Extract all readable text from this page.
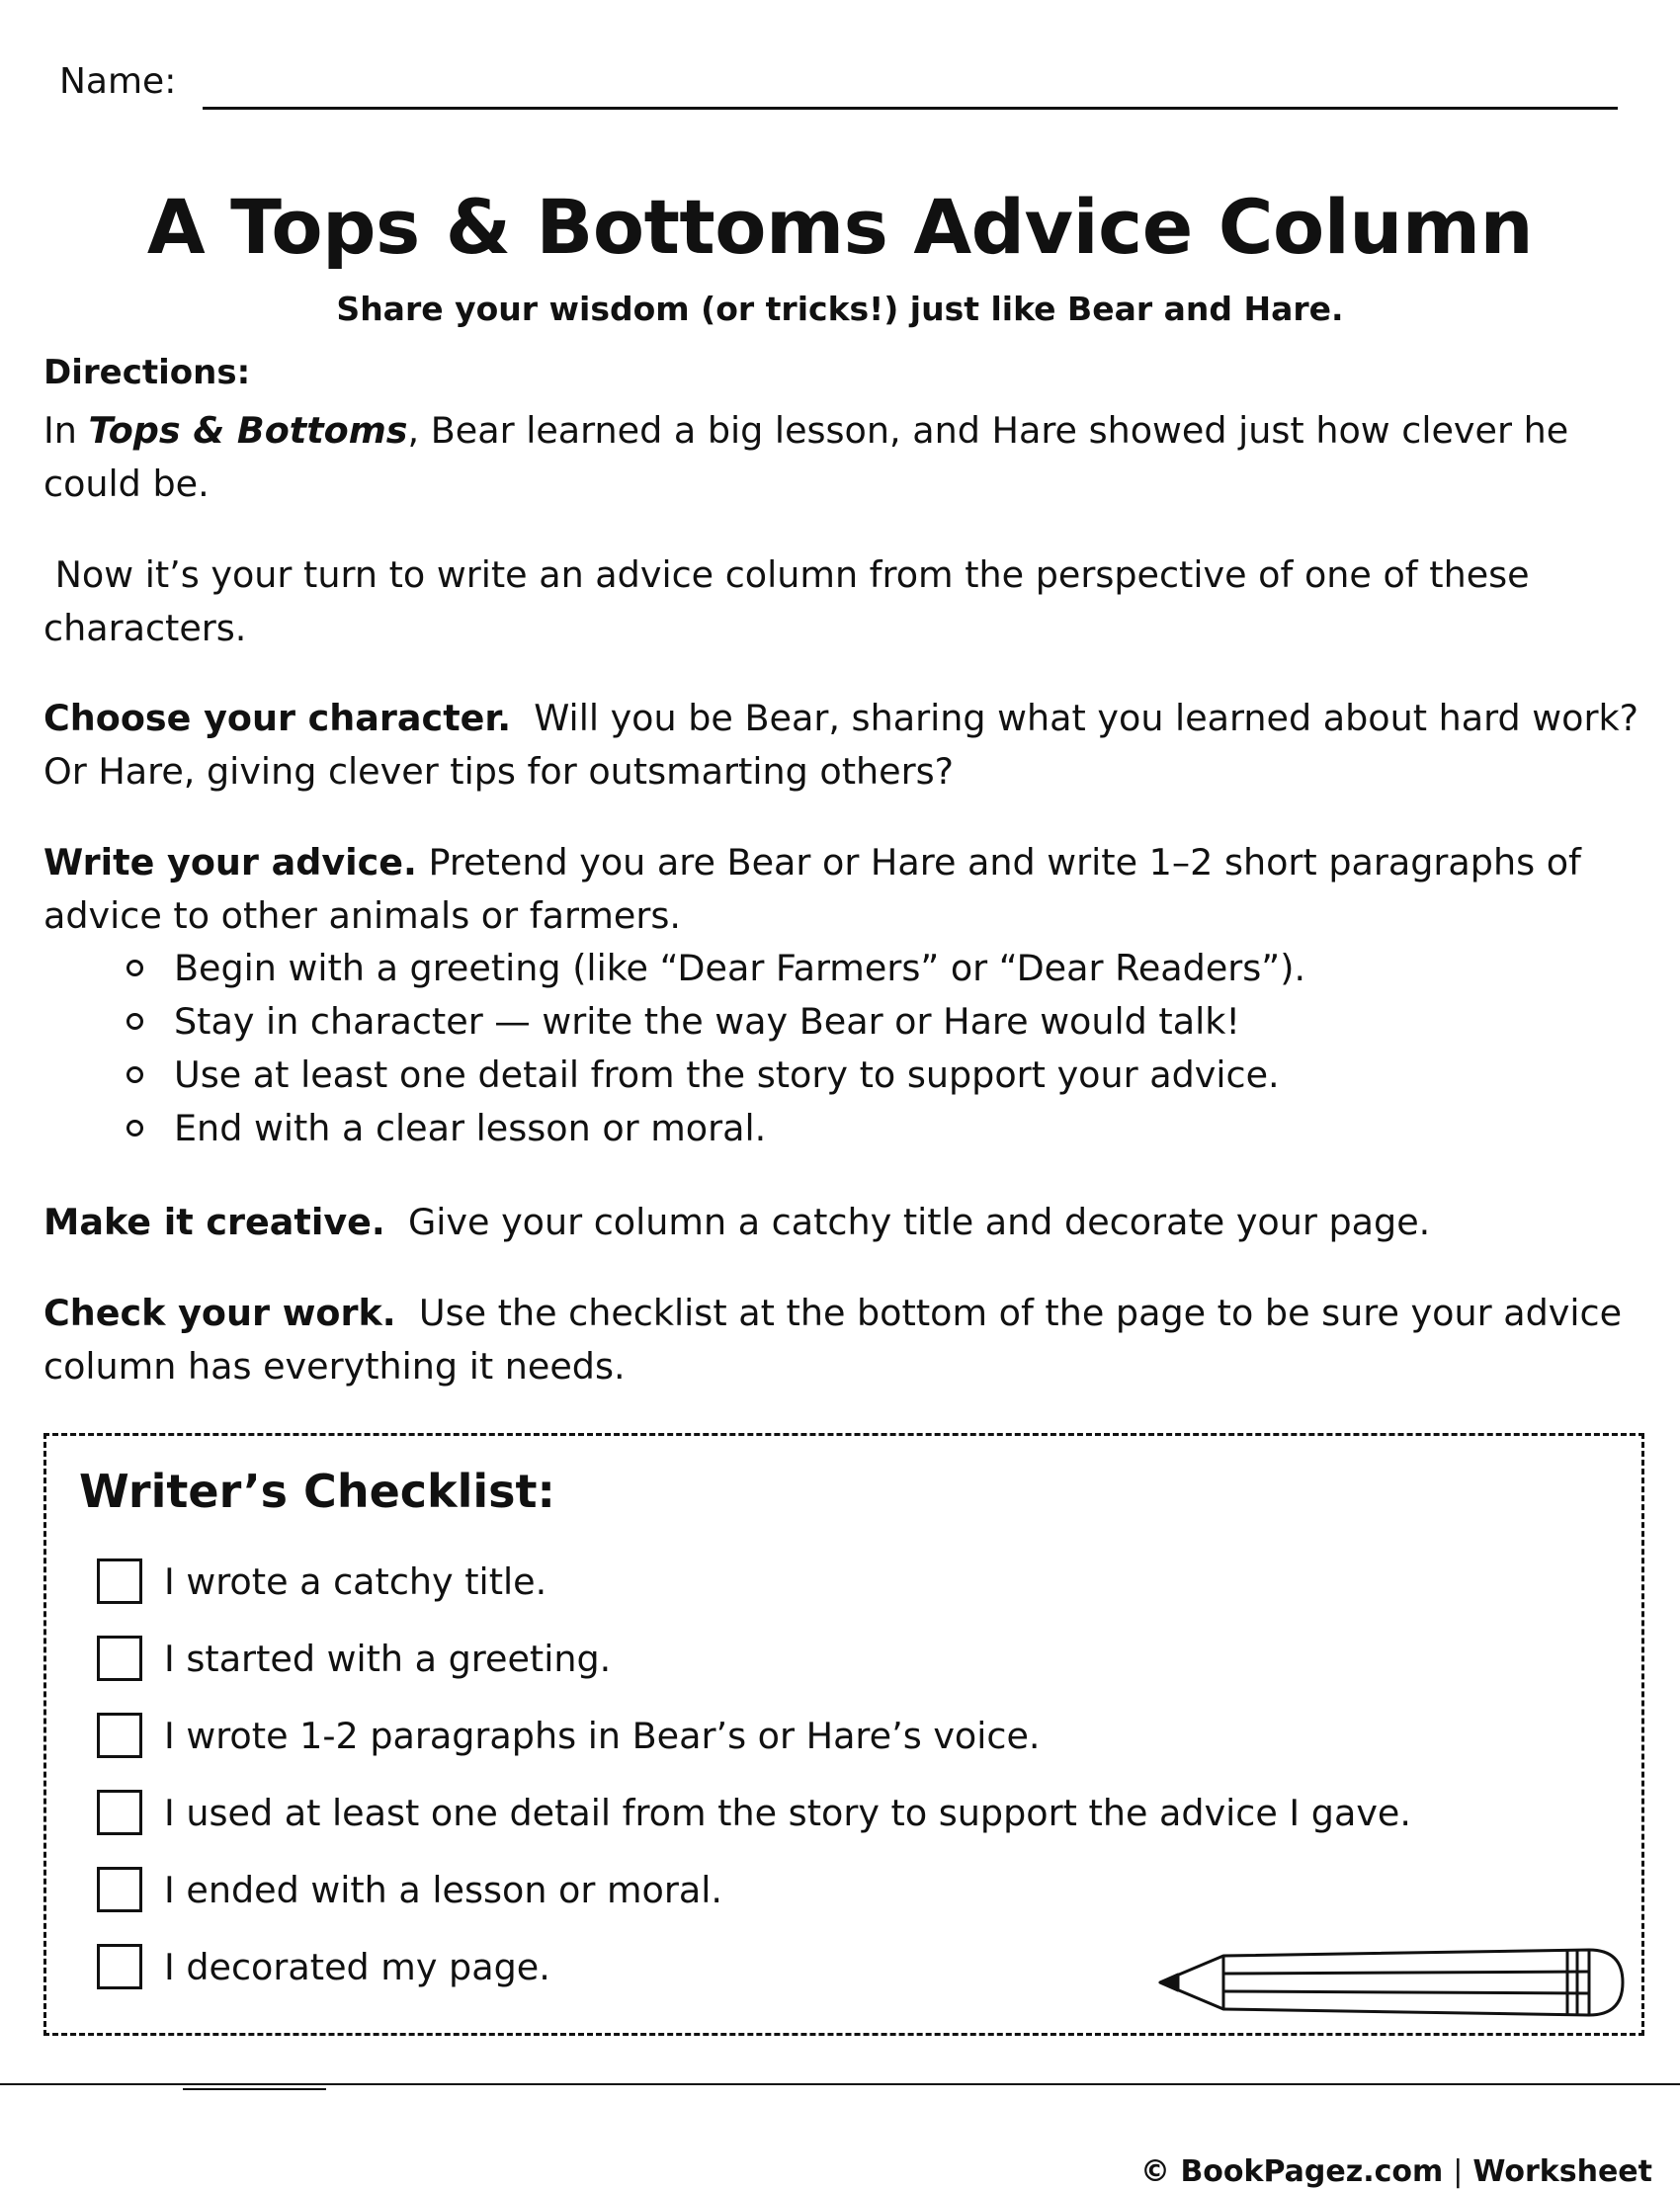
Name:
A Tops & Bottoms Advice Column
Share your wisdom (or tricks!) just like Bear and Hare.
Directions:
In Tops & Bottoms, Bear learned a big lesson, and Hare showed just how clever he could be.
Now it’s your turn to write an advice column from the perspective of one of these characters.
Choose your character.  Will you be Bear, sharing what you learned about hard work?  Or Hare, giving clever tips for outsmarting others?
Write your advice. Pretend you are Bear or Hare and write 1–2 short paragraphs of advice to other animals or farmers.
Begin with a greeting (like “Dear Farmers” or “Dear Readers”).
Stay in character — write the way Bear or Hare would talk!
Use at least one detail from the story to support your advice.
End with a clear lesson or moral.
Make it creative.  Give your column a catchy title and decorate your page.
Check your work.  Use the checklist at the bottom of the page to be sure your advice column has everything it needs.
Writer’s Checklist:
I wrote a catchy title.
I started with a greeting.
I wrote 1-2 paragraphs in Bear’s or Hare’s voice.
I used at least one detail from the story to support the advice I gave.
I ended with a lesson or moral.
I decorated my page.
© BookPagez.com | Worksheet
